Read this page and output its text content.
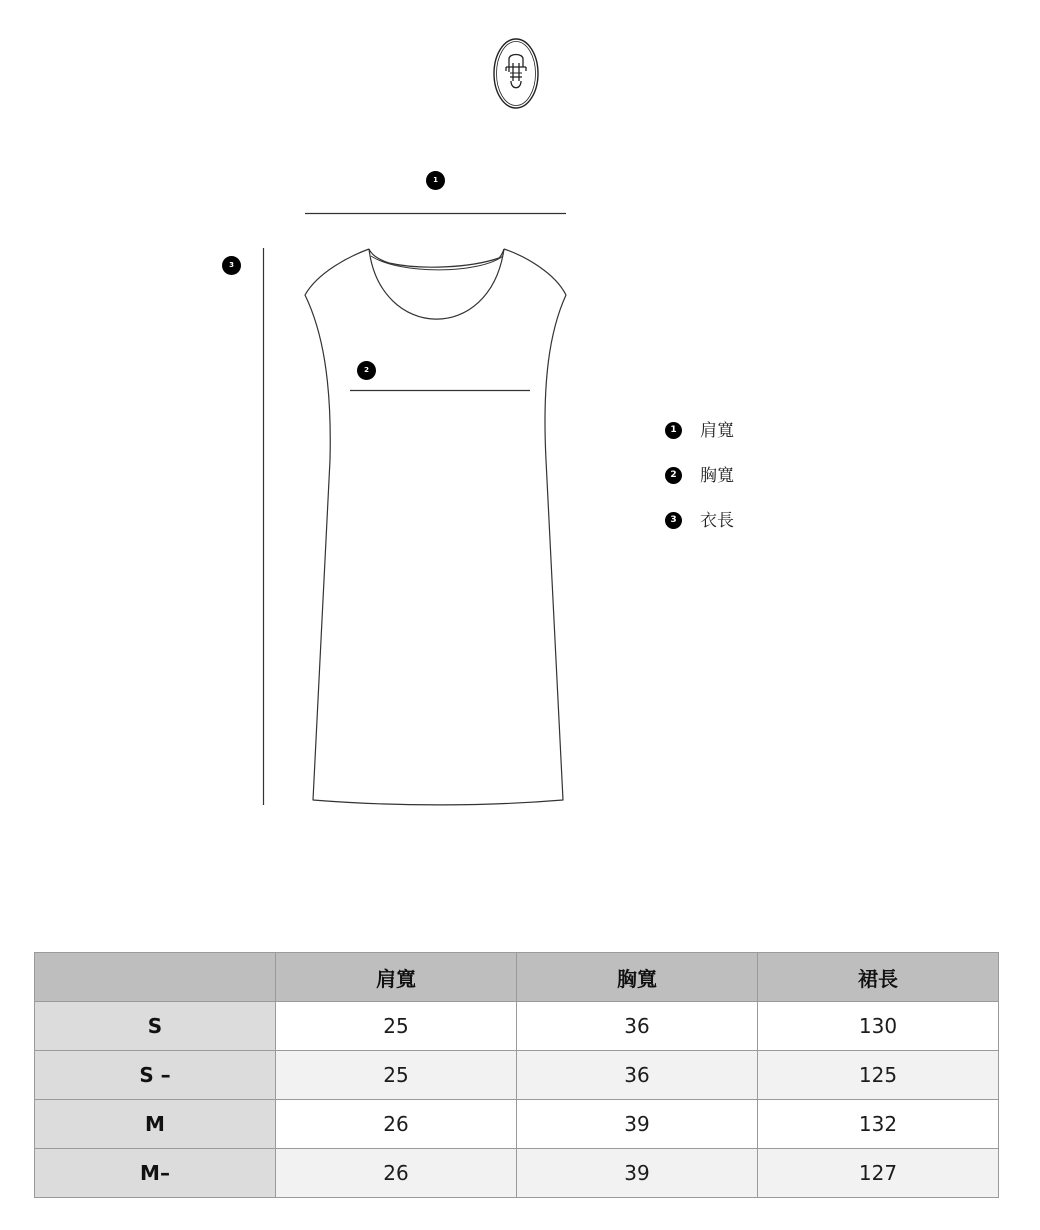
1
3
2
1	肩寬
2	胸寬
3	衣長
	肩寬	胸寬	裙長
S	25	36	130
S –	25	36	125
M	26	39	132
M–	26	39	127
